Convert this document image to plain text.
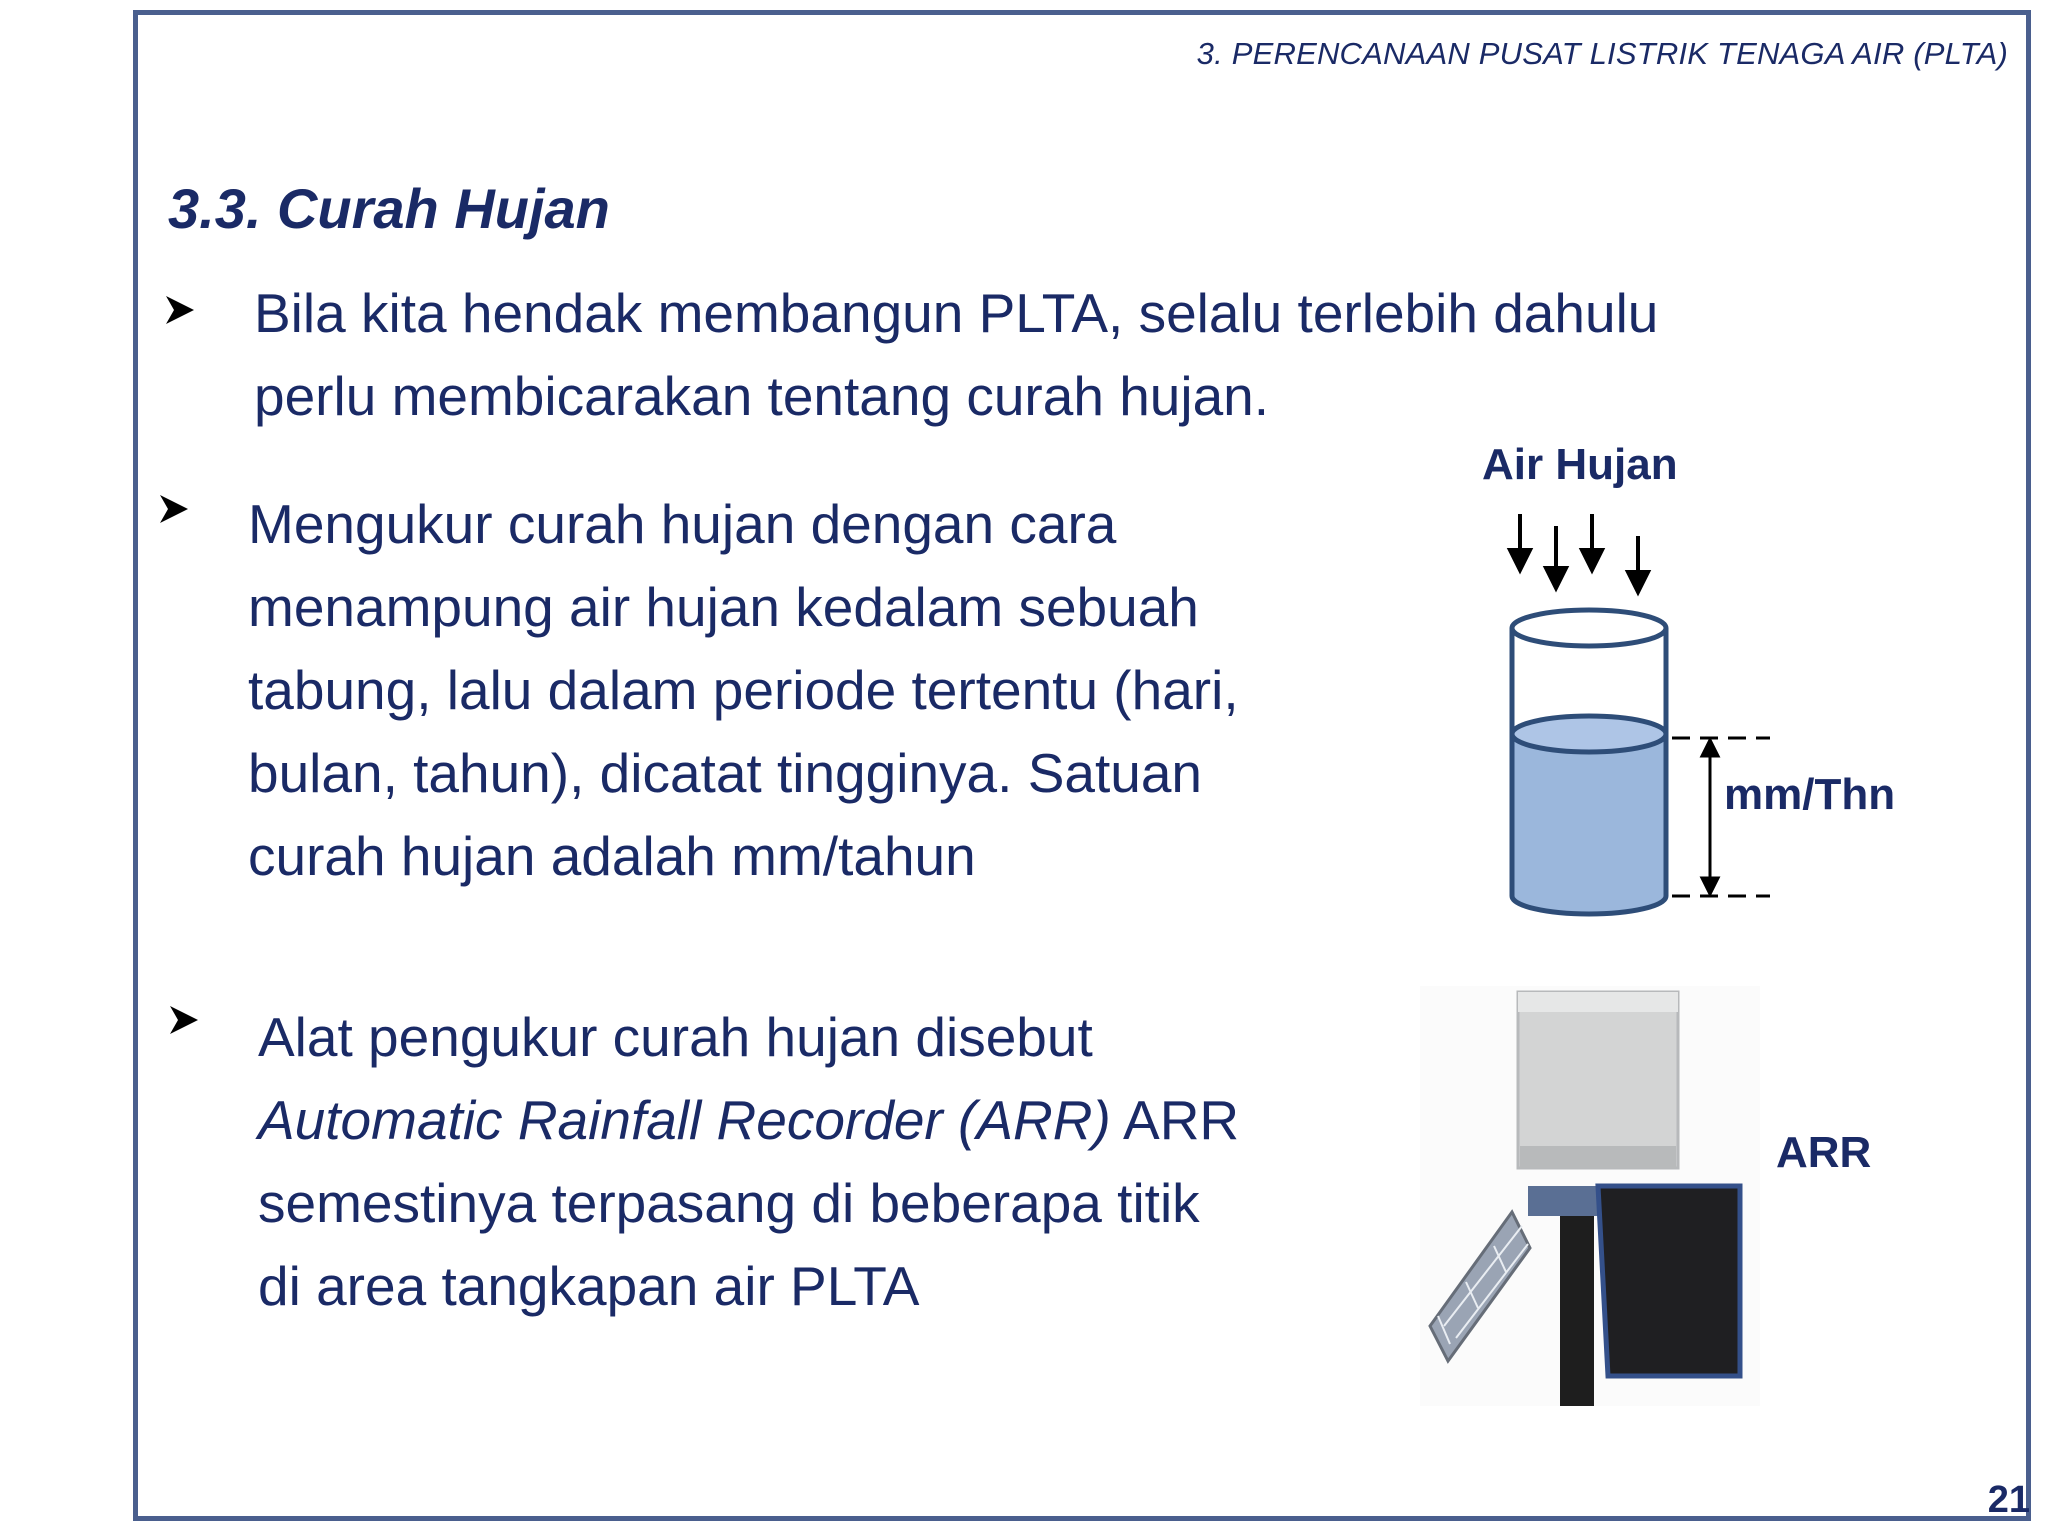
3. PERENCANAAN PUSAT LISTRIK TENAGA AIR (PLTA)
3.3. Curah Hujan
Bila kita hendak membangun PLTA, selalu terlebih dahulu
perlu membicarakan tentang curah hujan.
Mengukur curah hujan dengan cara
menampung air hujan kedalam sebuah
tabung, lalu dalam periode tertentu (hari,
bulan, tahun), dicatat tingginya. Satuan
curah hujan adalah mm/tahun
Alat pengukur curah hujan disebut
Automatic Rainfall Recorder (ARR) ARR
semestinya terpasang di beberapa titik
di area tangkapan air PLTA
Air Hujan
mm/Thn
ARR
21
